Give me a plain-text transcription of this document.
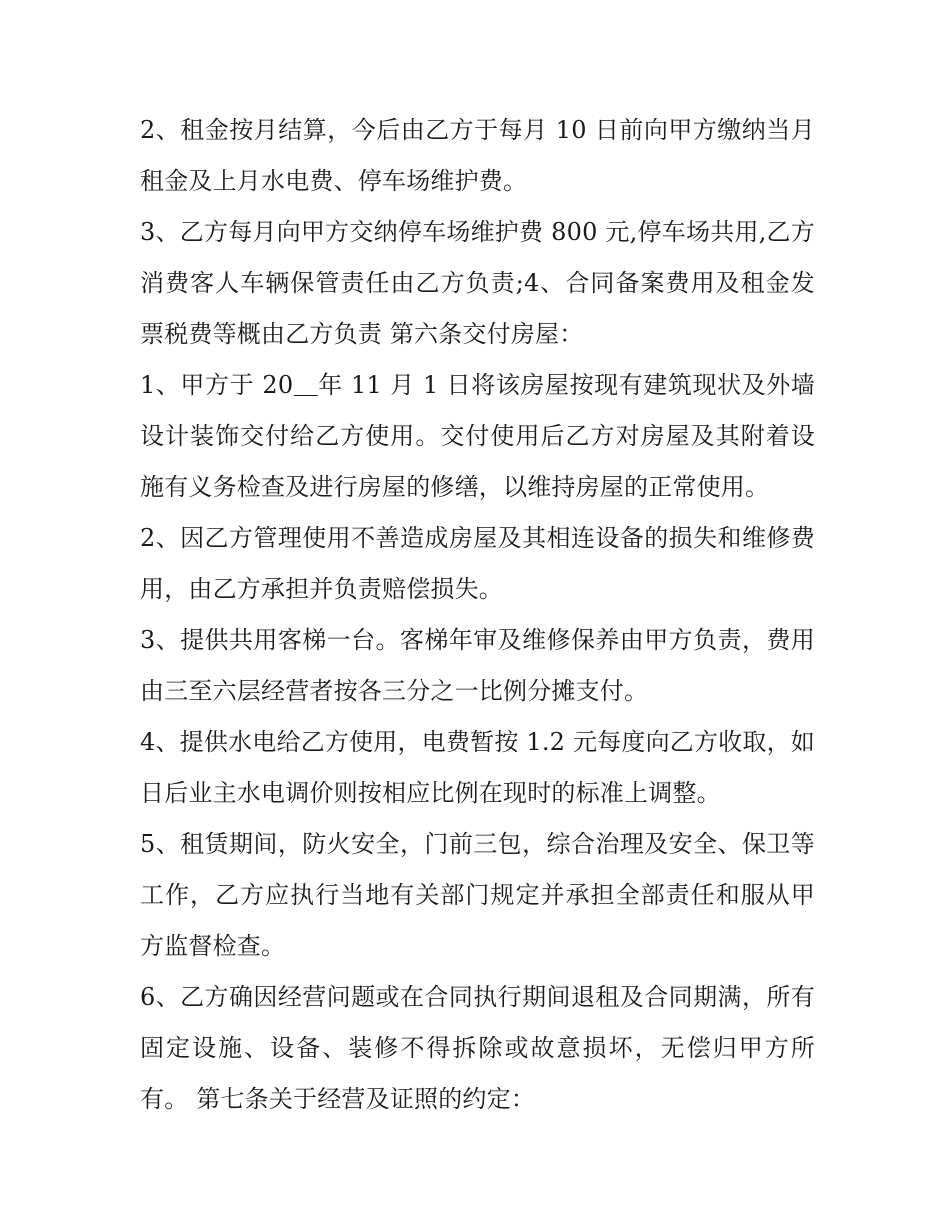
2、租金按月结算，今后由乙方于每月 10 日前向甲方缴纳当月租金及上月水电费、停车场维护费。

3、乙方每月向甲方交纳停车场维护费 800 元,停车场共用,乙方消费客人车辆保管责任由乙方负责;4、合同备案费用及租金发票税费等概由乙方负责 第六条交付房屋：

1、甲方于 20＿年 11 月 1 日将该房屋按现有建筑现状及外墙设计装饰交付给乙方使用。交付使用后乙方对房屋及其附着设施有义务检查及进行房屋的修缮，以维持房屋的正常使用。

2、因乙方管理使用不善造成房屋及其相连设备的损失和维修费用，由乙方承担并负责赔偿损失。

3、提供共用客梯一台。客梯年审及维修保养由甲方负责，费用由三至六层经营者按各三分之一比例分摊支付。

4、提供水电给乙方使用，电费暂按 1.2 元每度向乙方收取，如日后业主水电调价则按相应比例在现时的标准上调整。

5、租赁期间，防火安全，门前三包，综合治理及安全、保卫等工作，乙方应执行当地有关部门规定并承担全部责任和服从甲方监督检查。

6、乙方确因经营问题或在合同执行期间退租及合同期满，所有固定设施、设备、装修不得拆除或故意损坏，无偿归甲方所有。 第七条关于经营及证照的约定：
